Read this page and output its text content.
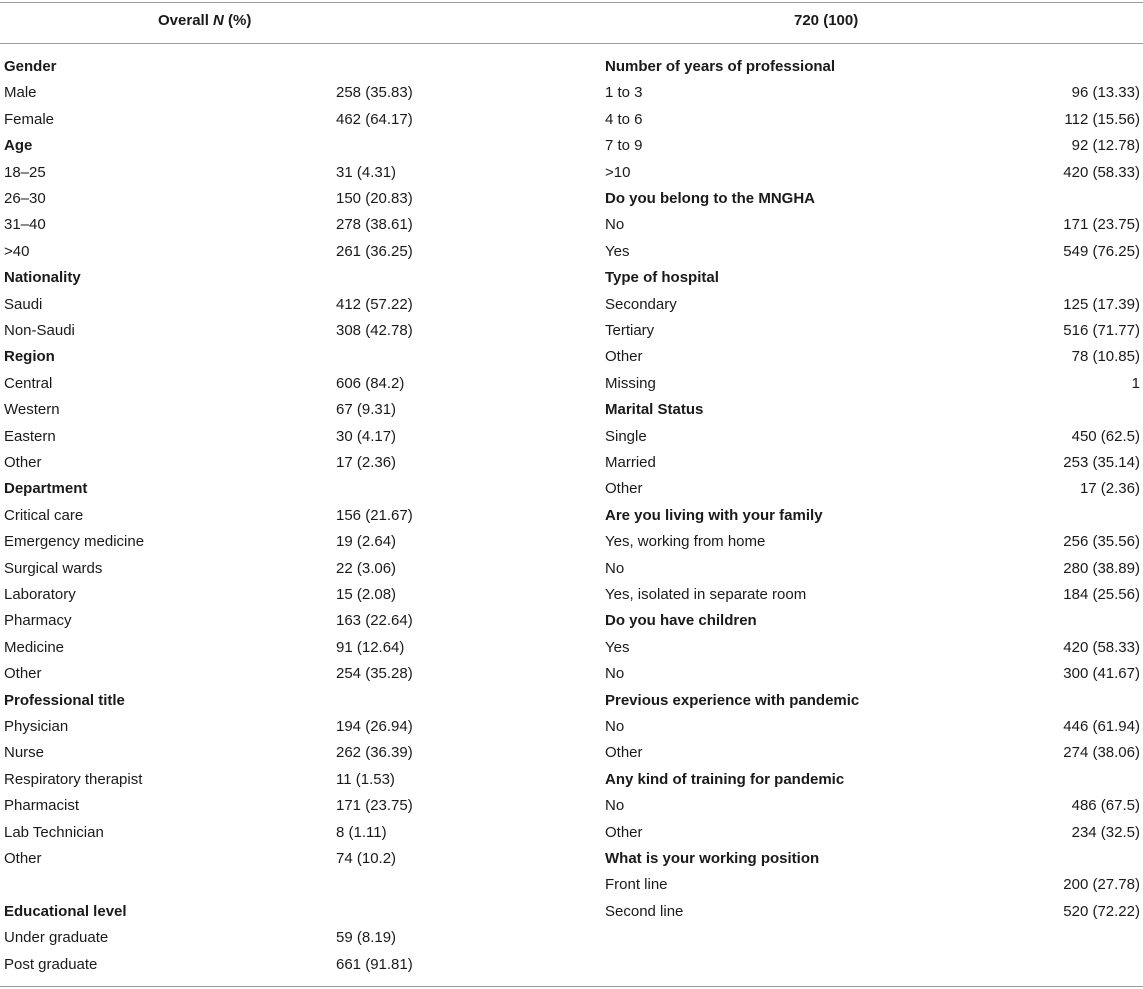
Overall N (%)	720 (100)
Gender
Male	258 (35.83)
Female	462 (64.17)
Age
18–25	31 (4.31)
26–30	150 (20.83)
31–40	278 (38.61)
>40	261 (36.25)
Nationality
Saudi	412 (57.22)
Non-Saudi	308 (42.78)
Region
Central	606 (84.2)
Western	67 (9.31)
Eastern	30 (4.17)
Other	17 (2.36)
Department
Critical care	156 (21.67)
Emergency medicine	19 (2.64)
Surgical wards	22 (3.06)
Laboratory	15 (2.08)
Pharmacy	163 (22.64)
Medicine	91 (12.64)
Other	254 (35.28)
Professional title
Physician	194 (26.94)
Nurse	262 (36.39)
Respiratory therapist	11 (1.53)
Pharmacist	171 (23.75)
Lab Technician	8 (1.11)
Other	74 (10.2)
Educational level
Under graduate	59 (8.19)
Post graduate	661 (91.81)
Number of years of professional
1 to 3	96 (13.33)
4 to 6	112 (15.56)
7 to 9	92 (12.78)
>10	420 (58.33)
Do you belong to the MNGHA
No	171 (23.75)
Yes	549 (76.25)
Type of hospital
Secondary	125 (17.39)
Tertiary	516 (71.77)
Other	78 (10.85)
Missing	1
Marital Status
Single	450 (62.5)
Married	253 (35.14)
Other	17 (2.36)
Are you living with your family
Yes, working from home	256 (35.56)
No	280 (38.89)
Yes, isolated in separate room	184 (25.56)
Do you have children
Yes	420 (58.33)
No	300 (41.67)
Previous experience with pandemic
No	446 (61.94)
Other	274 (38.06)
Any kind of training for pandemic
No	486 (67.5)
Other	234 (32.5)
What is your working position
Front line	200 (27.78)
Second line	520 (72.22)
